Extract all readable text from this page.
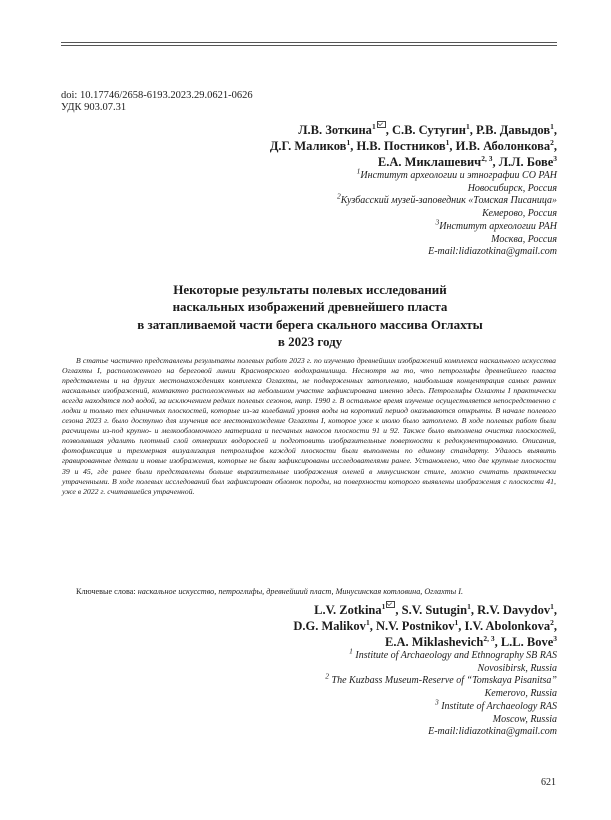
doi: 10.17746/2658-6193.2023.29.0621-0626
УДК 903.07.31
Л.В. Зоткина$^1$ , С.В. Сутугин$^1$, Р.В. Давыдов$^1$,
Д.Г. Маликов$^1$, Н.В. Постников$^1$, И.В. Аболонкова$^2$,
Е.А. Миклашевич$^{2, 3}$, Л.Л. Бове$^3$
$^1$Институт археологии и этнографии СО РАН
Новосибирск, Россия
$^2$Кузбасский музей-заповедник «Томская Писаница»
Кемерово, Россия
$^3$Институт археологии РАН
Москва, Россия
E-mail:lidiazotkina@gmail.com
Некоторые результаты полевых исследований
наскальных изображений древнейшего пласта
в затапливаемой части берега скального массива Оглахты
в 2023 году

В статье частично представлены результаты полевых работ 2023 г. по изучению древнейших изображений комплекса наскального искусства Оглахты I, расположенного на береговой линии Красноярского водохранилища. Несмотря на то, что петроглифы древнейшего пласта представлены и на других местонахождениях комплекса Оглахты, не подверженных затоплению, наибольшая концентрация самых ранних наскальных изображений, компактно расположенных на небольшом участке зафиксирована именно здесь. Петроглифы Оглахты I практически всегда находятся под водой, за исключением редких полевых сезонов, напр. 1990 г. В остальное время изучение осуществляется непосредственно с лодки и только тех единичных плоскостей, которые из-за колебаний уровня воды на короткий период оказываются открыты. В начале полевого сезона 2023 г. было доступно для изучения все местонахождение Оглахты I, которое уже к июлю было затоплено. В ходе полевых работ были расчищены из-под крупно- и мелкообломочного материала и песчаных наносов плоскости 91 и 92. Также было выполнена очистка плоскостей, позволившая удалить плотный слой отмерших водорослей и подготовить изобразительные поверхности к редокументированию. Описания, фотофиксация и трехмерная визуализация петроглифов каждой плоскости были выполнены по единому стандарту. Удалось выявить гравированные детали и новые изображения, которые не были зафиксированы исследователями ранее. Установлено, что две крупные плоскости 39 и 45, где ранее были представлены больше выразительные изображения оленей в минусинском стиле, можно считать практически утраченными. В ходе полевых исследований был зафиксирован обломок породы, на поверхности которого выявлены изображения с плоскости 41, уже в 2022 г. считавшейся утраченной.

Ключевые слова: наскальное искусство, петроглифы, древнейший пласт, Минусинская котловина, Оглахты I.
L.V. Zotkina$^1$ , S.V. Sutugin$^1$, R.V. Davydov$^1$,
D.G. Malikov$^1$, N.V. Postnikov$^1$, I.V. Abolonkova$^2$,
E.A. Miklashevich$^{2, 3}$, L.L. Bove$^3$
$^1$ Institute of Archaeology and Ethnography SB RAS
Novosibirsk, Russia
$^2$ The Kuzbass Museum-Reserve of “Tomskaya Pisanitsa”
Kemerovo, Russia
$^3$ Institute of Archaeology RAS
Moscow, Russia
E-mail:lidiazotkina@gmail.com
621
